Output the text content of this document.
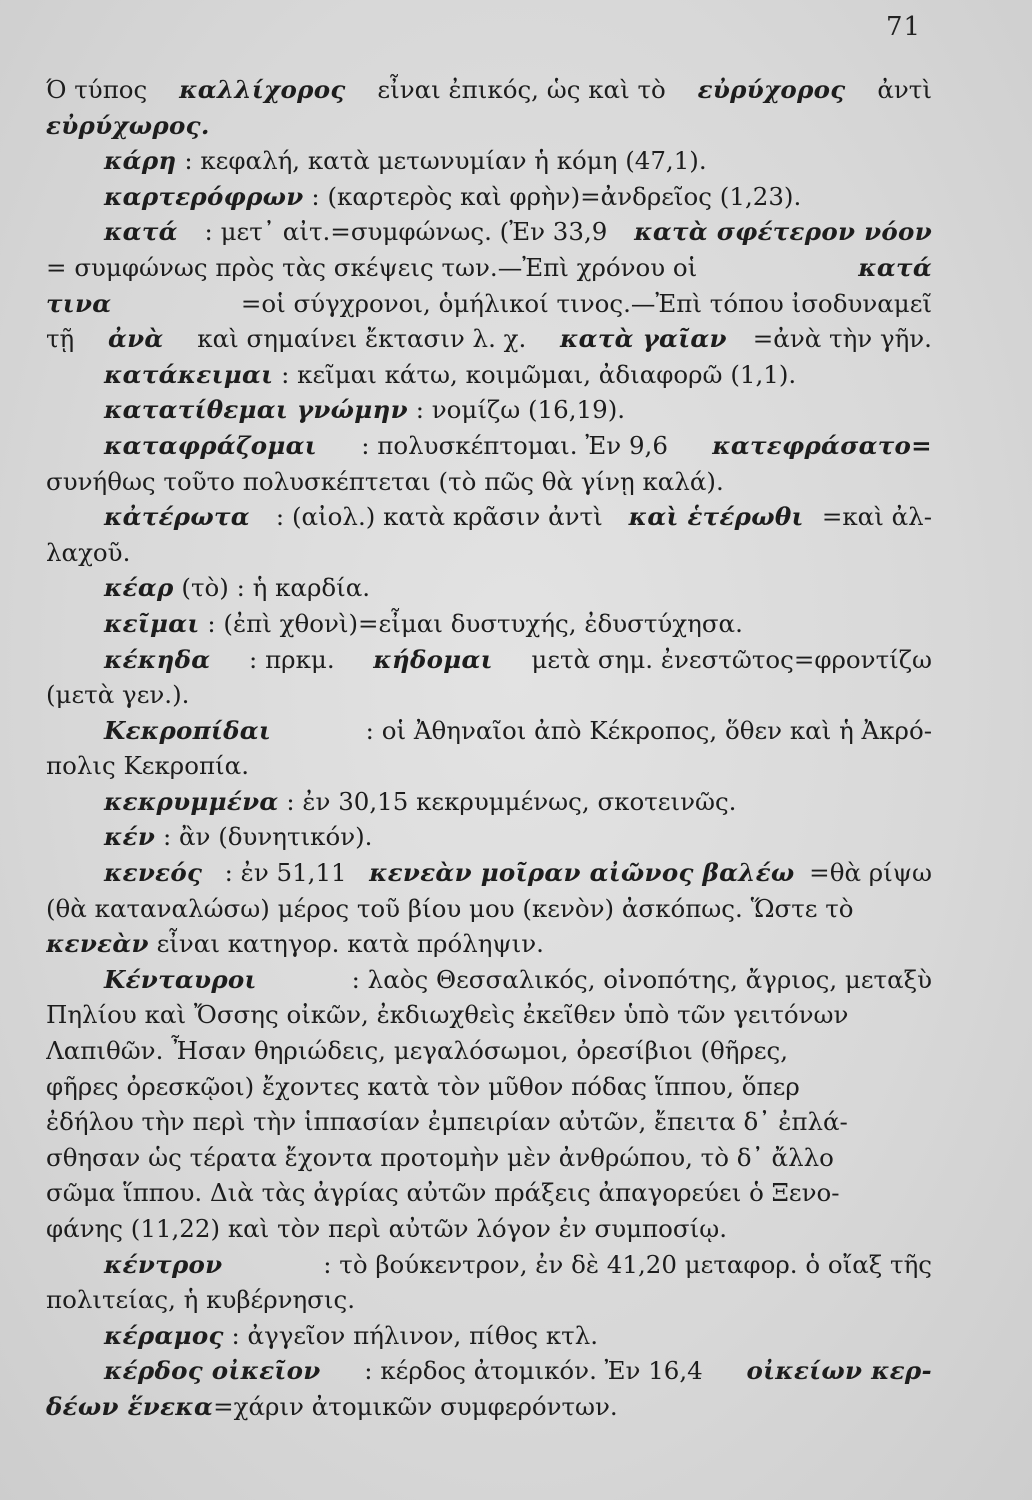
71
Ό τύπος καλλίχορος εἶναι ἐπικός, ὡς καὶ τὸ εὐρύχορος ἀντὶ
εὐρύχωρος.
κάρη : κεφαλή, κατὰ μετωνυμίαν ἡ κόμη (47,1).
καρτερόφρων : (καρτερὸς καὶ φρὴν)=ἀνδρεῖος (1,23).
κατά : μετ᾽ αἰτ.=συμφώνως. (Ἐν 33,9 κατὰ σφέτερον νόον
= συμφώνως πρὸς τὰς σκέψεις των.—Ἐπὶ χρόνου οἱ	κατά
τινα	=οἱ σύγχρονοι, ὁμήλικοί τινος.—Ἐπὶ τόπου ἰσοδυναμεῖ
τῇ ἀνὰ καὶ σημαίνει ἔκτασιν λ. χ. κατὰ γαῖαν =ἀνὰ τὴν γῆν.
κατάκειμαι : κεῖμαι κάτω, κοιμῶμαι, ἀδιαφορῶ (1,1).
κατατίθεμαι γνώμην : νομίζω (16,19).
καταφράζομαι : πολυσκέπτομαι. Ἐν 9,6 κατεφράσατο=
συνήθως τοῦτο πολυσκέπτεται (τὸ πῶς θὰ γίνῃ καλά).
κἀτέρωτα : (αἰολ.) κατὰ κρᾶσιν ἀντὶ καὶ ἑτέρωθι =καὶ ἀλ-
λαχοῦ.
κέαρ (τὸ) : ἡ καρδία.
κεῖμαι : (ἐπὶ χθονὶ)=εἶμαι δυστυχής, ἐδυστύχησα.
κέκηδα : πρκμ. κήδομαι μετὰ σημ. ἐνεστῶτος=φροντίζω
(μετὰ γεν.).
Κεκροπίδαι	: οἱ Ἀθηναῖοι ἀπὸ Κέκροπος, ὅθεν καὶ ἡ Ἀκρό-
πολις Κεκροπία.
κεκρυμμένα : ἐν 30,15 κεκρυμμένως, σκοτεινῶς.
κέν : ἂν (δυνητικόν).
κενεός : ἐν 51,11 κενεὰν μοῖραν αἰῶνος βαλέω =θὰ ρίψω
(θὰ καταναλώσω) μέρος τοῦ βίου μου (κενὸν) ἀσκόπως. Ὥστε τὸ
κενεὰν εἶναι κατηγορ. κατὰ πρόληψιν.
Κένταυροι	: λαὸς Θεσσαλικός, οἰνοπότης, ἄγριος, μεταξὺ
Πηλίου καὶ Ὄσσης οἰκῶν, ἐκδιωχθεὶς ἐκεῖθεν ὑπὸ τῶν γειτόνων
Λαπιθῶν. Ἦσαν θηριώδεις, μεγαλόσωμοι, ὀρεσίβιοι (θῆρες,
φῆρες ὀρεσκῷοι) ἔχοντες κατὰ τὸν μῦθον πόδας ἵππου, ὅπερ
ἐδήλου τὴν περὶ τὴν ἱππασίαν ἐμπειρίαν αὐτῶν, ἔπειτα δ᾽ ἐπλά-
σθησαν ὡς τέρατα ἔχοντα προτομὴν μὲν ἀνθρώπου, τὸ δ᾽ ἄλλο
σῶμα ἵππου. Διὰ τὰς ἀγρίας αὐτῶν πράξεις ἀπαγορεύει ὁ Ξενο-
φάνης (11,22) καὶ τὸν περὶ αὐτῶν λόγον ἐν συμποσίῳ.
κέντρον	: τὸ βούκεντρον, ἐν δὲ 41,20 μεταφορ. ὁ οἴαξ τῆς
πολιτείας, ἡ κυβέρνησις.
κέραμος : ἀγγεῖον πήλινον, πίθος κτλ.
κέρδος οἰκεῖον : κέρδος ἀτομικόν. Ἐν 16,4 οἰκείων κερ-
δέων ἕνεκα =χάριν ἀτομικῶν συμφερόντων.
